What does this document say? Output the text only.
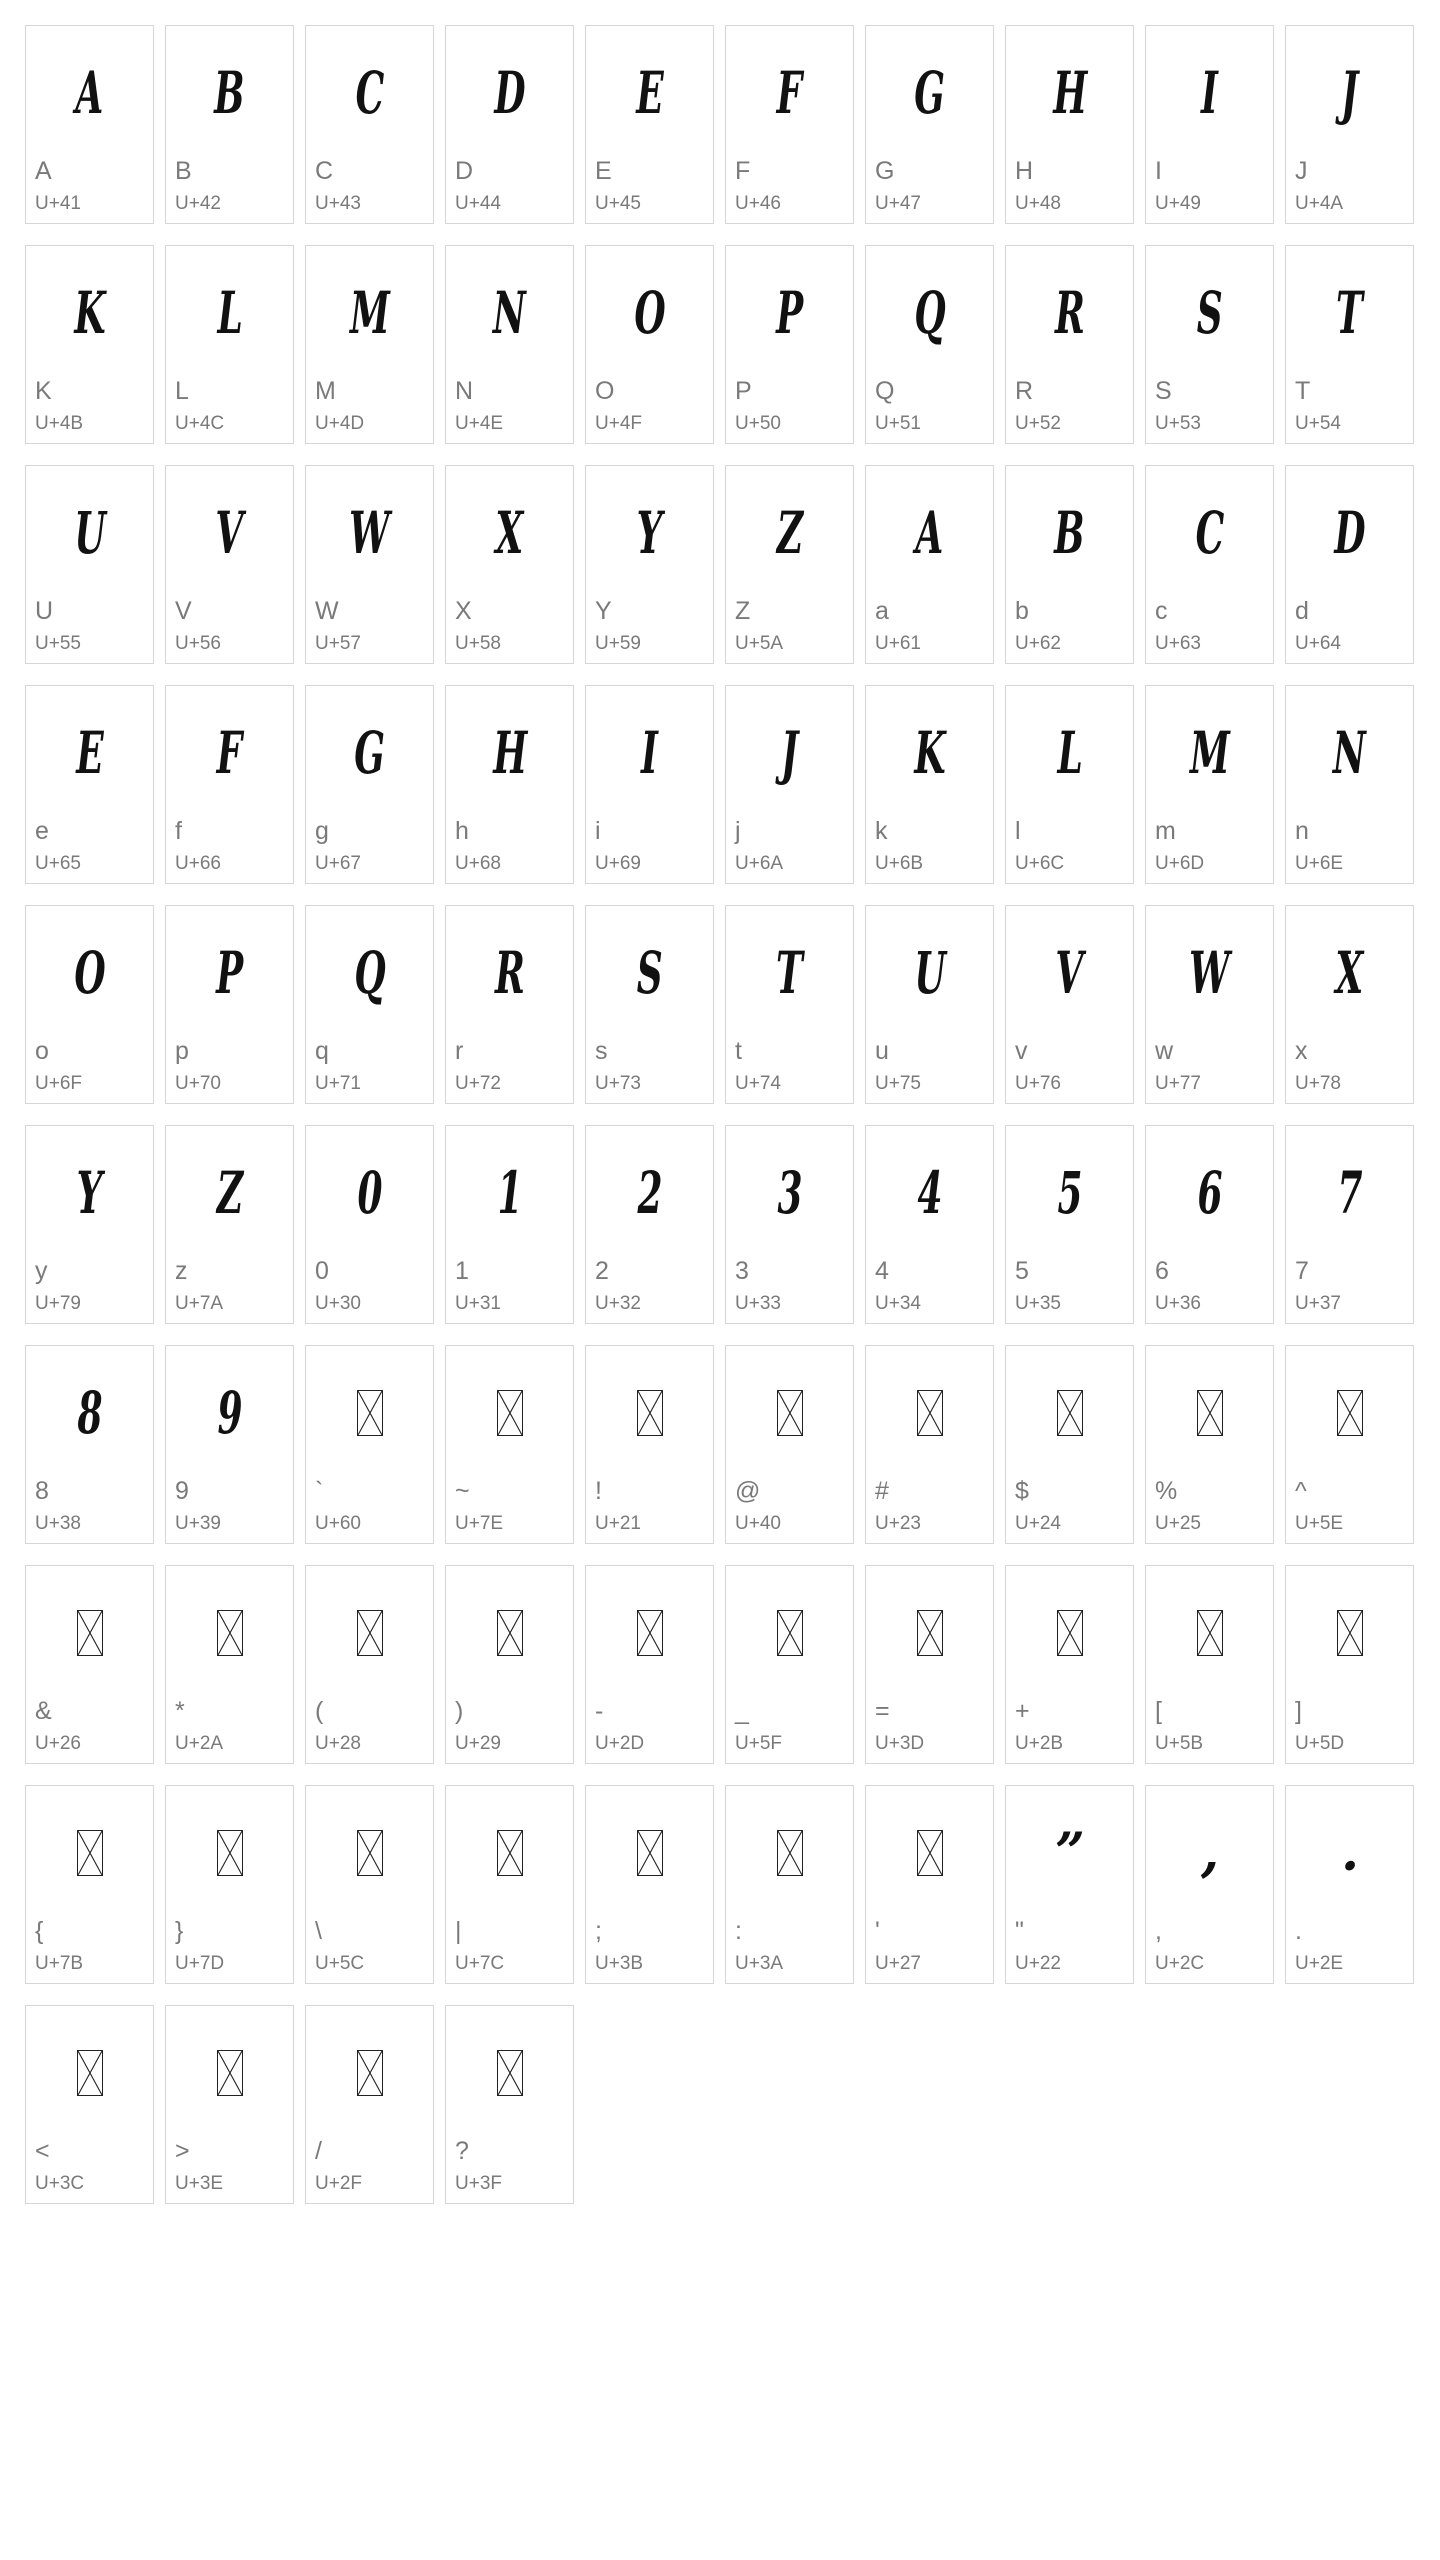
A
A
U+41
B
B
U+42
C
C
U+43
D
D
U+44
E
E
U+45
F
F
U+46
G
G
U+47
H
H
U+48
I
I
U+49
J
J
U+4A
K
K
U+4B
L
L
U+4C
M
M
U+4D
N
N
U+4E
O
O
U+4F
P
P
U+50
Q
Q
U+51
R
R
U+52
S
S
U+53
T
T
U+54
U
U
U+55
V
V
U+56
W
W
U+57
X
X
U+58
Y
Y
U+59
Z
Z
U+5A
A
a
U+61
B
b
U+62
C
c
U+63
D
d
U+64
E
e
U+65
F
f
U+66
G
g
U+67
H
h
U+68
I
i
U+69
J
j
U+6A
K
k
U+6B
L
l
U+6C
M
m
U+6D
N
n
U+6E
O
o
U+6F
P
p
U+70
Q
q
U+71
R
r
U+72
S
s
U+73
T
t
U+74
U
u
U+75
V
v
U+76
W
w
U+77
X
x
U+78
Y
y
U+79
Z
z
U+7A
0
0
U+30
1
1
U+31
2
2
U+32
3
3
U+33
4
4
U+34
5
5
U+35
6
6
U+36
7
7
U+37
8
8
U+38
9
9
U+39
`
U+60
~
U+7E
!
U+21
@
U+40
#
U+23
$
U+24
%
U+25
^
U+5E
&
U+26
*
U+2A
(
U+28
)
U+29
-
U+2D
_
U+5F
=
U+3D
+
U+2B
[
U+5B
]
U+5D
{
U+7B
}
U+7D
\
U+5C
|
U+7C
;
U+3B
:
U+3A
'
U+27
”
"
U+22
,
,
U+2C
.
.
U+2E
<
U+3C
>
U+3E
/
U+2F
?
U+3F
